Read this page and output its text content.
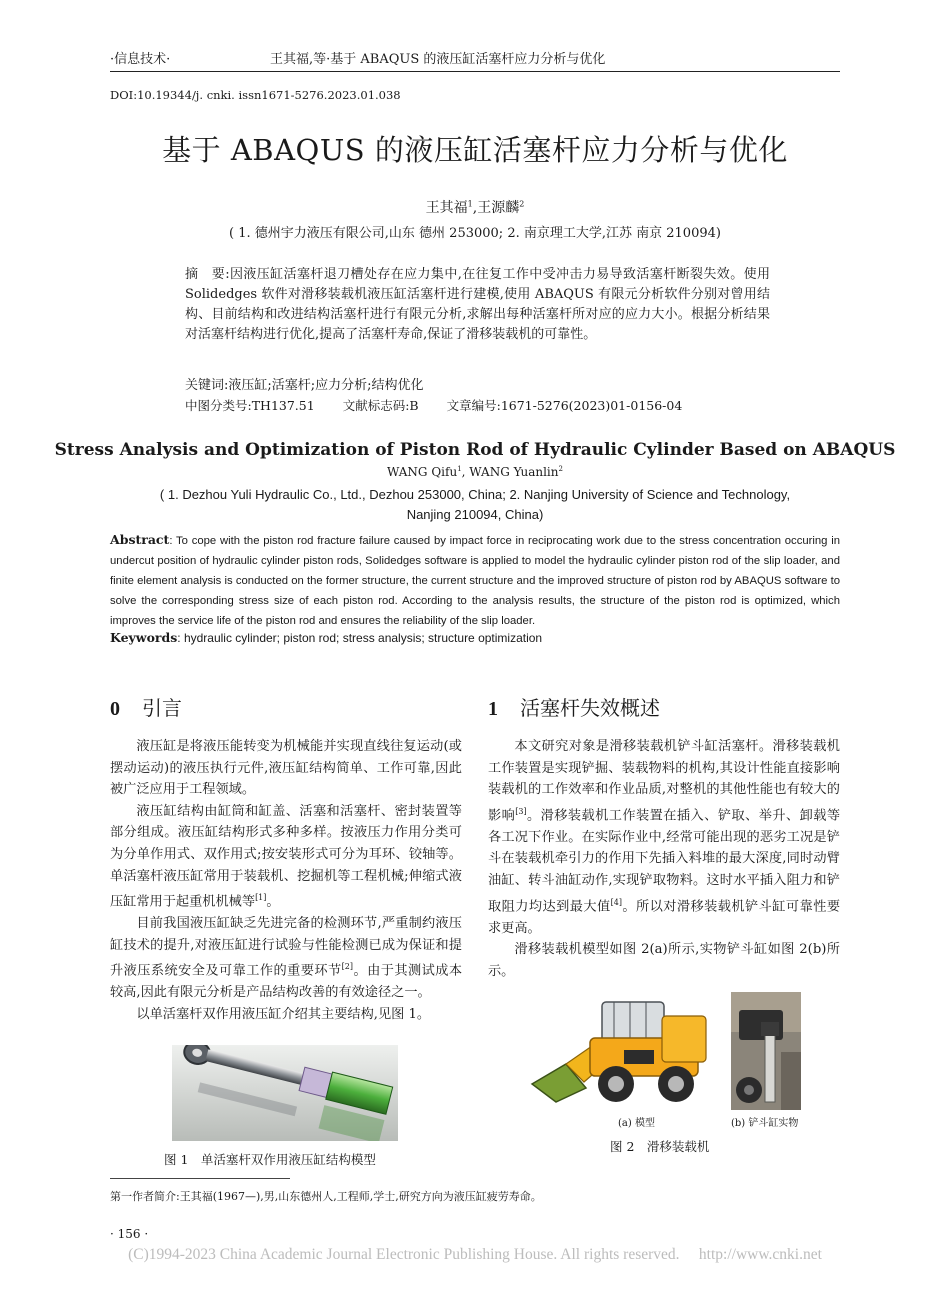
·信息技术·	王其福,等·基于 ABAQUS 的液压缸活塞杆应力分析与优化
DOI:10.19344/j. cnki. issn1671-5276.2023.01.038
基于 ABAQUS 的液压缸活塞杆应力分析与优化
王其福$^1$,王源麟$^2$
( 1. 德州宇力液压有限公司,山东 德州 253000; 2. 南京理工大学,江苏 南京 210094)
摘　要:因液压缸活塞杆退刀槽处存在应力集中,在往复工作中受冲击力易导致活塞杆断裂失效。使用 Solidedges 软件对滑移装载机液压缸活塞杆进行建模,使用 ABAQUS 有限元分析软件分别对曾用结构、目前结构和改进结构活塞杆进行有限元分析,求解出每种活塞杆所对应的应力大小。根据分析结果对活塞杆结构进行优化,提高了活塞杆寿命,保证了滑移装载机的可靠性。
关键词:液压缸;活塞杆;应力分析;结构优化
中图分类号:TH137.51 文献标志码:B 文章编号:1671-5276(2023)01-0156-04
Stress Analysis and Optimization of Piston Rod of Hydraulic Cylinder Based on ABAQUS
WANG Qifu$^1$, WANG Yuanlin$^2$
( 1. Dezhou Yuli Hydraulic Co., Ltd., Dezhou 253000, China; 2. Nanjing University of Science and Technology, Nanjing 210094, China)
Abstract: To cope with the piston rod fracture failure caused by impact force in reciprocating work due to the stress concentration occuring in undercut position of hydraulic cylinder piston rods, Solidedges software is applied to model the hydraulic cylinder piston rod of the slip loader, and finite element analysis is conducted on the former structure, the current structure and the improved structure of piston rod by ABAQUS software to solve the corresponding stress size of each piston rod. According to the analysis results, the structure of the piston rod is optimized, which improves the service life of the piston rod and ensures the reliability of the slip loader.
Keywords: hydraulic cylinder; piston rod; stress analysis; structure optimization
0 引言

液压缸是将液压能转变为机械能并实现直线往复运动(或摆动运动)的液压执行元件,液压缸结构简单、工作可靠,因此被广泛应用于工程领域。

液压缸结构由缸筒和缸盖、活塞和活塞杆、密封装置等部分组成。液压缸结构形式多种多样。按液压力作用分类可为分单作用式、双作用式;按安装形式可分为耳环、铰轴等。单活塞杆液压缸常用于装载机、挖掘机等工程机械;伸缩式液压缸常用于起重机机械等[1]。

目前我国液压缸缺乏先进完备的检测环节,严重制约液压缸技术的提升,对液压缸进行试验与性能检测已成为保证和提升液压系统安全及可靠工作的重要环节[2]。由于其测试成本较高,因此有限元分析是产品结构改善的有效途径之一。

以单活塞杆双作用液压缸介绍其主要结构,见图 1。

图 1　单活塞杆双作用液压缸结构模型
1 活塞杆失效概述

本文研究对象是滑移装载机铲斗缸活塞杆。滑移装载机工作装置是实现铲掘、装载物料的机构,其设计性能直接影响装载机的工作效率和作业品质,对整机的其他性能也有较大的影响[3]。滑移装载机工作装置在插入、铲取、举升、卸载等各工况下作业。在实际作业中,经常可能出现的恶劣工况是铲斗在装载机牵引力的作用下先插入料堆的最大深度,同时动臂油缸、转斗油缸动作,实现铲取物料。这时水平插入阻力和铲取阻力均达到最大值[4]。所以对滑移装载机铲斗缸可靠性要求更高。

滑移装载机模型如图 2(a)所示,实物铲斗缸如图 2(b)所示。

(a) 模型	(b) 铲斗缸实物
图 2　滑移装载机
第一作者简介:王其福(1967—),男,山东德州人,工程师,学士,研究方向为液压缸疲劳寿命。
· 156 ·
(C)1994-2023 China Academic Journal Electronic Publishing House. All rights reserved.　 http://www.cnki.net
